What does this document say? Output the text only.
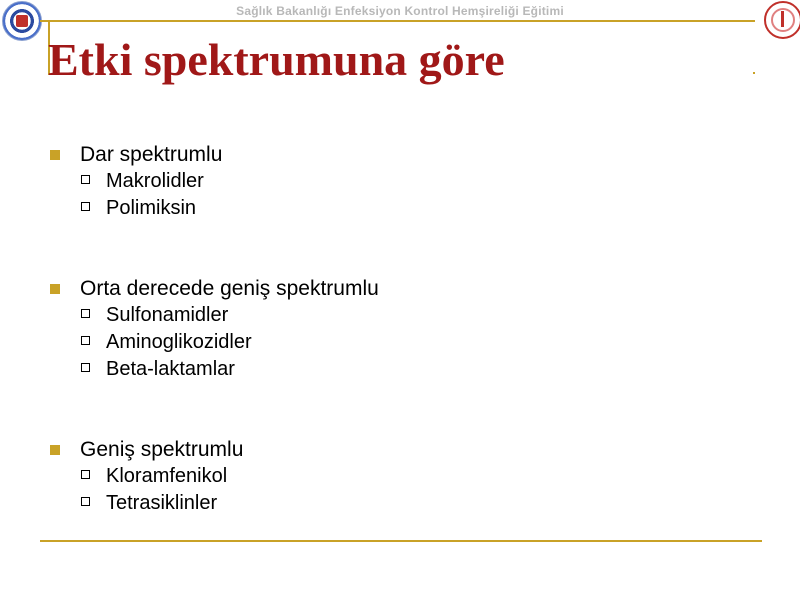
Sağlık Bakanlığı Enfeksiyon Kontrol Hemşireliği Eğitimi
Etki spektrumuna göre
Dar spektrumlu
Makrolidler
Polimiksin
Orta derecede geniş spektrumlu
Sulfonamidler
Aminoglikozidler
Beta-laktamlar
Geniş spektrumlu
Kloramfenikol
Tetrasiklinler
